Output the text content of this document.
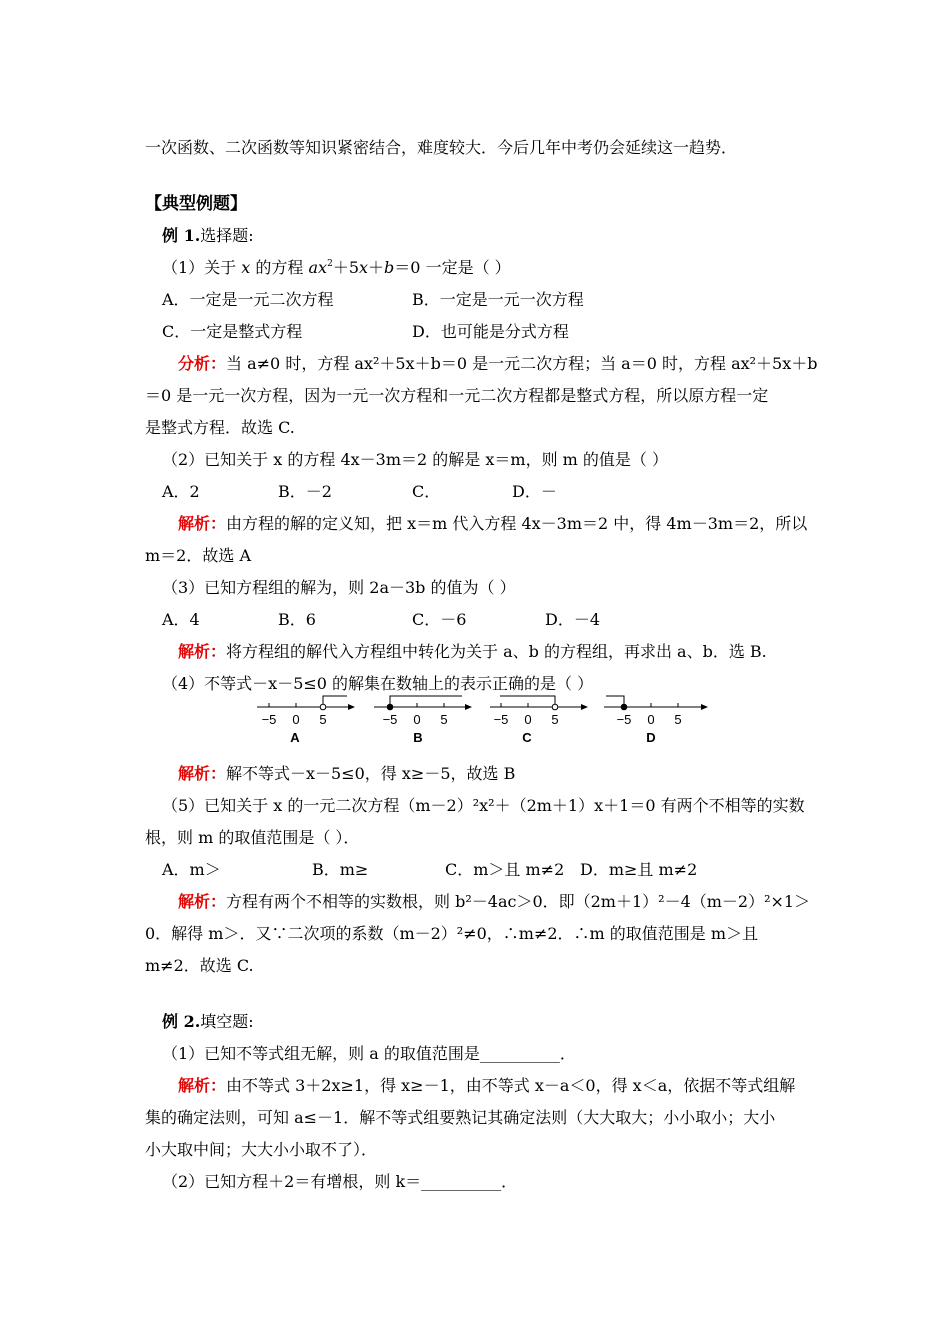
一次函数、二次函数等知识紧密结合，难度较大．今后几年中考仍会延续这一趋势．
【典型例题】
例 1.选择题:
（1）关于 x 的方程 $ax^2+5x+b=0$ 一定是（ ）
A．一定是一元二次方程	B．一定是一元一次方程
C．一定是整式方程	D．也可能是分式方程
分析：当 a≠0 时，方程 ax²＋5x＋b＝0 是一元二次方程；当 a＝0 时，方程 ax²＋5x＋b
＝0 是一元一次方程，因为一元一次方程和一元二次方程都是整式方程，所以原方程一定
是整式方程．故选 C.
（2）已知关于 x 的方程 4x－3m＝2 的解是 x＝m，则 m 的值是（ ）
A．2	B．－2	C．	D．－
解析：由方程的解的定义知，把 x＝m 代入方程 4x－3m＝2 中，得 4m－3m＝2，所以
m＝2．故选 A
（3）已知方程组的解为，则 2a－3b 的值为（ ）
A．4	B．6	C．－6	D．－4
解析：将方程组的解代入方程组中转化为关于 a、b 的方程组，再求出 a、b．选 B.
（4）不等式－x－5≤0 的解集在数轴上的表示正确的是（ ）
−5 0 5
A
−5 0 5
B
−5 0 5
C
−5 0 5
D
解析：解不等式－x－5≤0，得 x≥－5，故选 B
（5）已知关于 x 的一元二次方程（m－2）²x²＋（2m＋1）x＋1＝0 有两个不相等的实数
根，则 m 的取值范围是（ ）．
A．m＞	B．m≥	C．m＞且 m≠2 D．m≥且 m≠2
解析：方程有两个不相等的实数根，则 b²－4ac＞0．即（2m＋1）²－4（m－2）²×1＞
0．解得 m＞．又∵二次项的系数（m－2）²≠0，∴m≠2．∴m 的取值范围是 m＞且
m≠2．故选 C.
例 2.填空题:
（1）已知不等式组无解，则 a 的取值范围是__________．
解析：由不等式 3＋2x≥1，得 x≥－1，由不等式 x－a＜0，得 x＜a，依据不等式组解
集的确定法则，可知 a≤－1．解不等式组要熟记其确定法则（大大取大；小小取小；大小
小大取中间；大大小小取不了）．
（2）已知方程＋2＝有增根，则 k＝__________．
